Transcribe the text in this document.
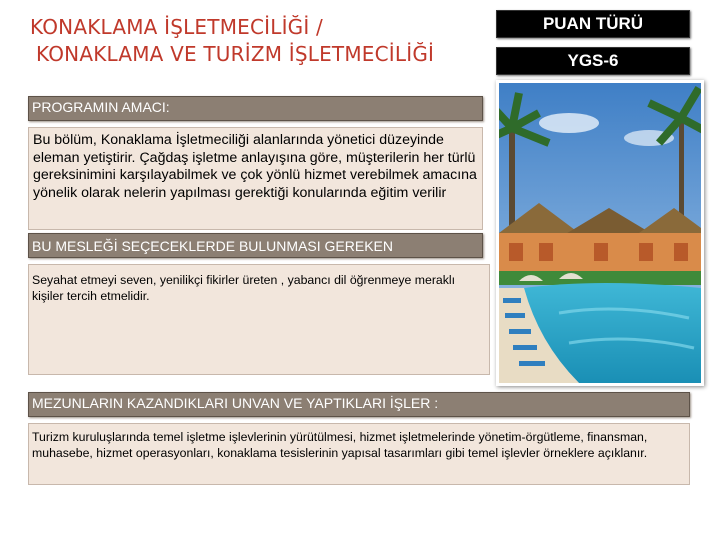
KONAKLAMA İŞLETMECİLİĞİ /
KONAKLAMA VE TURİZM İŞLETMECİLİĞİ
PUAN TÜRÜ
YGS-6
PROGRAMIN AMACI:
Bu bölüm, Konaklama İşletmeciliği alanlarında yönetici düzeyinde eleman yetiştirir. Çağdaş işletme anlayışına göre, müşterilerin her türlü gereksinimini karşılayabilmek ve çok yönlü hizmet verebilmek amacına yönelik olarak nelerin yapılması gerektiği konularında eğitim verilir
BU MESLEĞİ SEÇECEKLERDE BULUNMASI GEREKEN
Seyahat etmeyi seven, yenilikçi fikirler üreten , yabancı dil öğrenmeye meraklı kişiler tercih etmelidir.
MEZUNLARIN KAZANDIKLARI UNVAN VE YAPTIKLARI İŞLER :
Turizm kuruluşlarında temel işletme işlevlerinin yürütülmesi, hizmet işletmelerinde yönetim-örgütleme, finansman, muhasebe, hizmet operasyonları, konaklama tesislerinin yapısal tasarımları gibi temel işlevler örneklere açıklanır.
